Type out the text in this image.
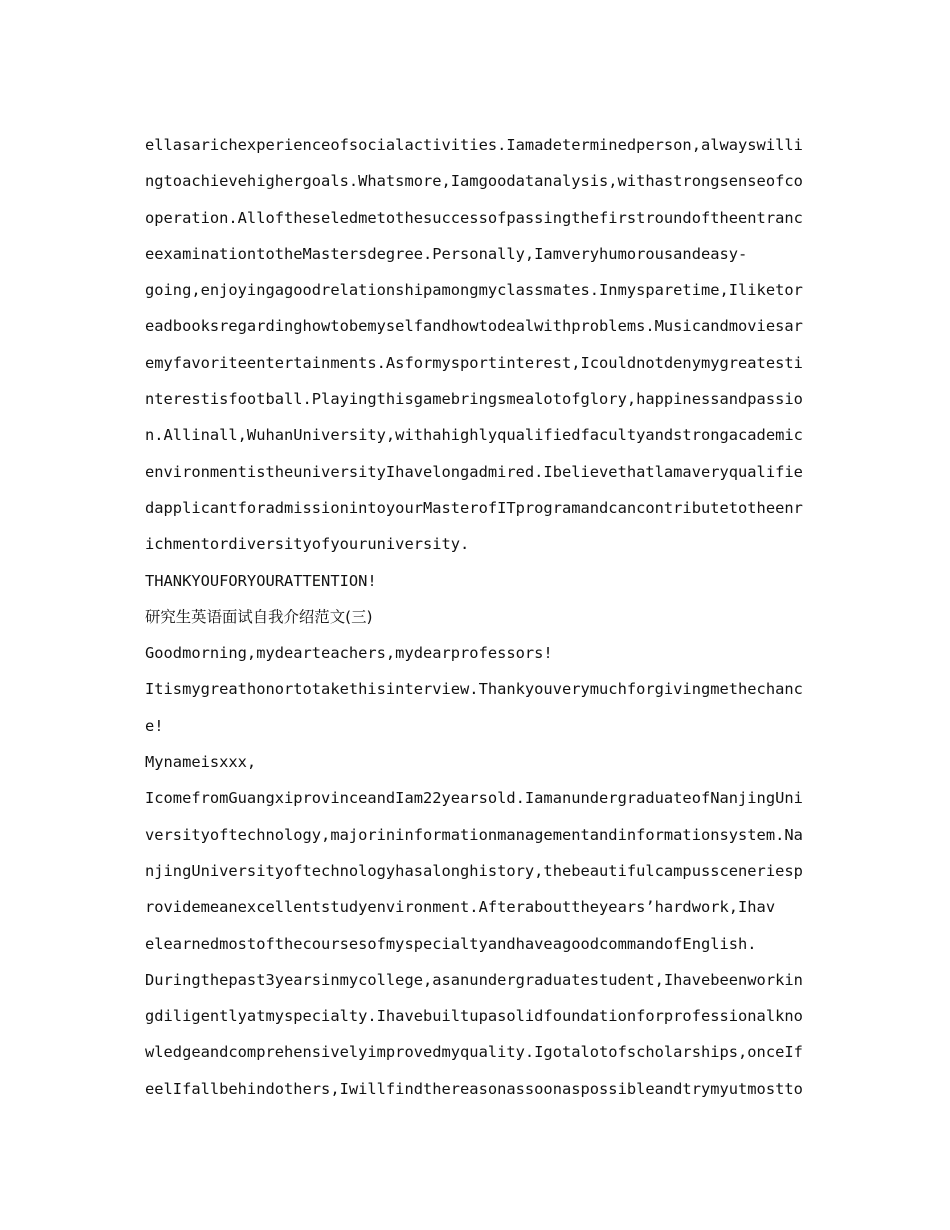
ellasarichexperienceofsocialactivities.Iamadeterminedperson,alwayswilli
ngtoachievehighergoals.Whatsmore,Iamgoodatanalysis,withastrongsenseofco
operation.Alloftheseledmetothesuccessofpassingthefirstroundoftheentranc
eexaminationtotheMastersdegree.Personally,Iamveryhumorousandeasy-
going,enjoyingagoodrelationshipamongmyclassmates.Inmysparetime,Iliketor
eadbooksregardinghowtobemyselfandhowtodealwithproblems.Musicandmoviesar
emyfavoriteentertainments.Asformysportinterest,Icouldnotdenymygreatesti
nterestisfootball.Playingthisgamebringsmealotofglory,happinessandpassio
n.Allinall,WuhanUniversity,withahighlyqualifiedfacultyandstrongacademic
environmentistheuniversityIhavelongadmired.Ibelievethatlamaveryqualifie
dapplicantforadmissionintoyourMasterofITprogramandcancontributetotheenr
ichmentordiversityofyouruniversity.
THANKYOUFORYOURATTENTION!
研究生英语面试自我介绍范文(三)
Goodmorning,mydearteachers,mydearprofessors!
Itismygreathonortotakethisinterview.Thankyouverymuchforgivingmethechanc
e!
Mynameisxxx,
IcomefromGuangxiprovinceandIam22yearsold.IamanundergraduateofNanjingUni
versityoftechnology,majorininformationmanagementandinformationsystem.Na
njingUniversityoftechnologyhasalonghistory,thebeautifulcampussceneriesp
rovidemeanexcellentstudyenvironment.Afterabouttheyears’hardwork,Ihav
elearnedmostofthecoursesofmyspecialtyandhaveagoodcommandofEnglish.
Duringthepast3yearsinmycollege,asanundergraduatestudent,Ihavebeenworkin
gdiligentlyatmyspecialty.Ihavebuiltupasolidfoundationforprofessionalkno
wledgeandcomprehensivelyimprovedmyquality.Igotalotofscholarships,onceIf
eelIfallbehindothers,Iwillfindthereasonassoonaspossibleandtrymyutmostto
